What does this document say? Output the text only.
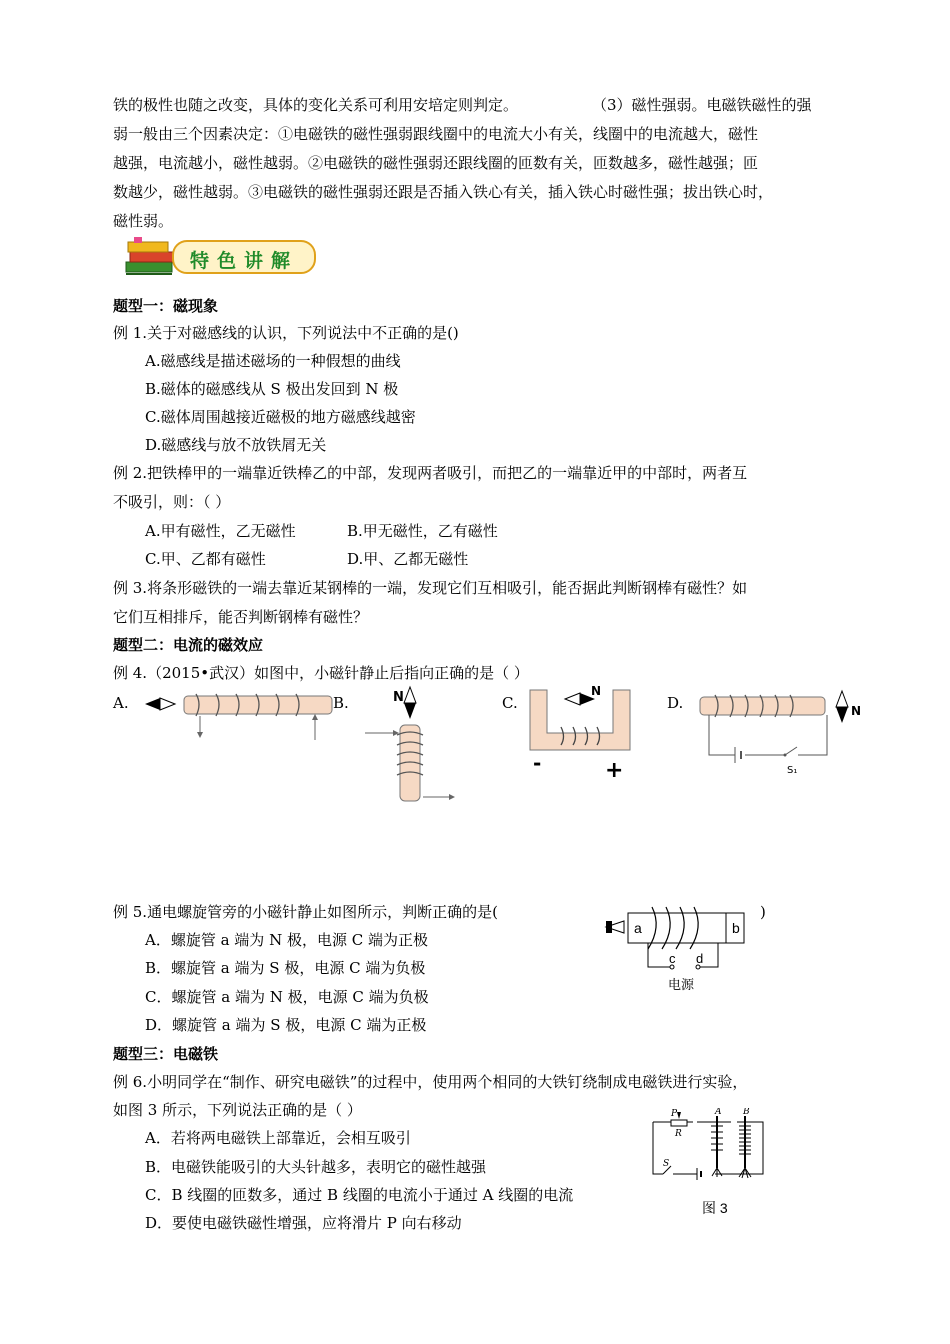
铁的极性也随之改变，具体的变化关系可利用安培定则判定。	（3）磁性强弱。电磁铁磁性的强
弱一般由三个因素决定：①电磁铁的磁性强弱跟线圈中的电流大小有关，线圈中的电流越大，磁性
越强，电流越小，磁性越弱。②电磁铁的磁性强弱还跟线圈的匝数有关，匝数越多，磁性越强；匝
数越少，磁性越弱。③电磁铁的磁性强弱还跟是否插入铁心有关，插入铁心时磁性强；拔出铁心时，
磁性弱。
特色讲解
题型一：磁现象
例 1.关于对磁感线的认识，下列说法中不正确的是()
A.磁感线是描述磁场的一种假想的曲线
B.磁体的磁感线从 S 极出发回到 N 极
C.磁体周围越接近磁极的地方磁感线越密
D.磁感线与放不放铁屑无关
例 2.把铁棒甲的一端靠近铁棒乙的中部，发现两者吸引，而把乙的一端靠近甲的中部时，两者互
不吸引，则：（ ）
A.甲有磁性，乙无磁性	B.甲无磁性，乙有磁性
C.甲、乙都有磁性	D.甲、乙都无磁性
例 3.将条形磁铁的一端去靠近某钢棒的一端，发现它们互相吸引，能否据此判断钢棒有磁性？如
它们互相排斥，能否判断钢棒有磁性？
题型二：电流的磁效应
例 4.（2015•武汉）如图中，小磁针静止后指向正确的是（ ）
A.	B.	C.	D.
N	N
-	+
N
S₁
例 5.通电螺旋管旁的小磁针静止如图所示，判断正确的是(	)
A．螺旋管 a 端为 N 极，电源 C 端为正极
B．螺旋管 a 端为 S 极，电源 C 端为负极
C．螺旋管 a 端为 N 极，电源 C 端为负极
D．螺旋管 a 端为 S 极，电源 C 端为正极
a	b
c d
电源
题型三：电磁铁
例 6.小明同学在“制作、研究电磁铁”的过程中，使用两个相同的大铁钉绕制成电磁铁进行实验，
如图 3 所示，下列说法正确的是（ ）
A．若将两电磁铁上部靠近，会相互吸引
B．电磁铁能吸引的大头针越多，表明它的磁性越强
C．B 线圈的匝数多，通过 B 线圈的电流小于通过 A 线圈的电流
D．要使电磁铁磁性增强，应将滑片 P 向右移动
P
R
S
A B
图 3
